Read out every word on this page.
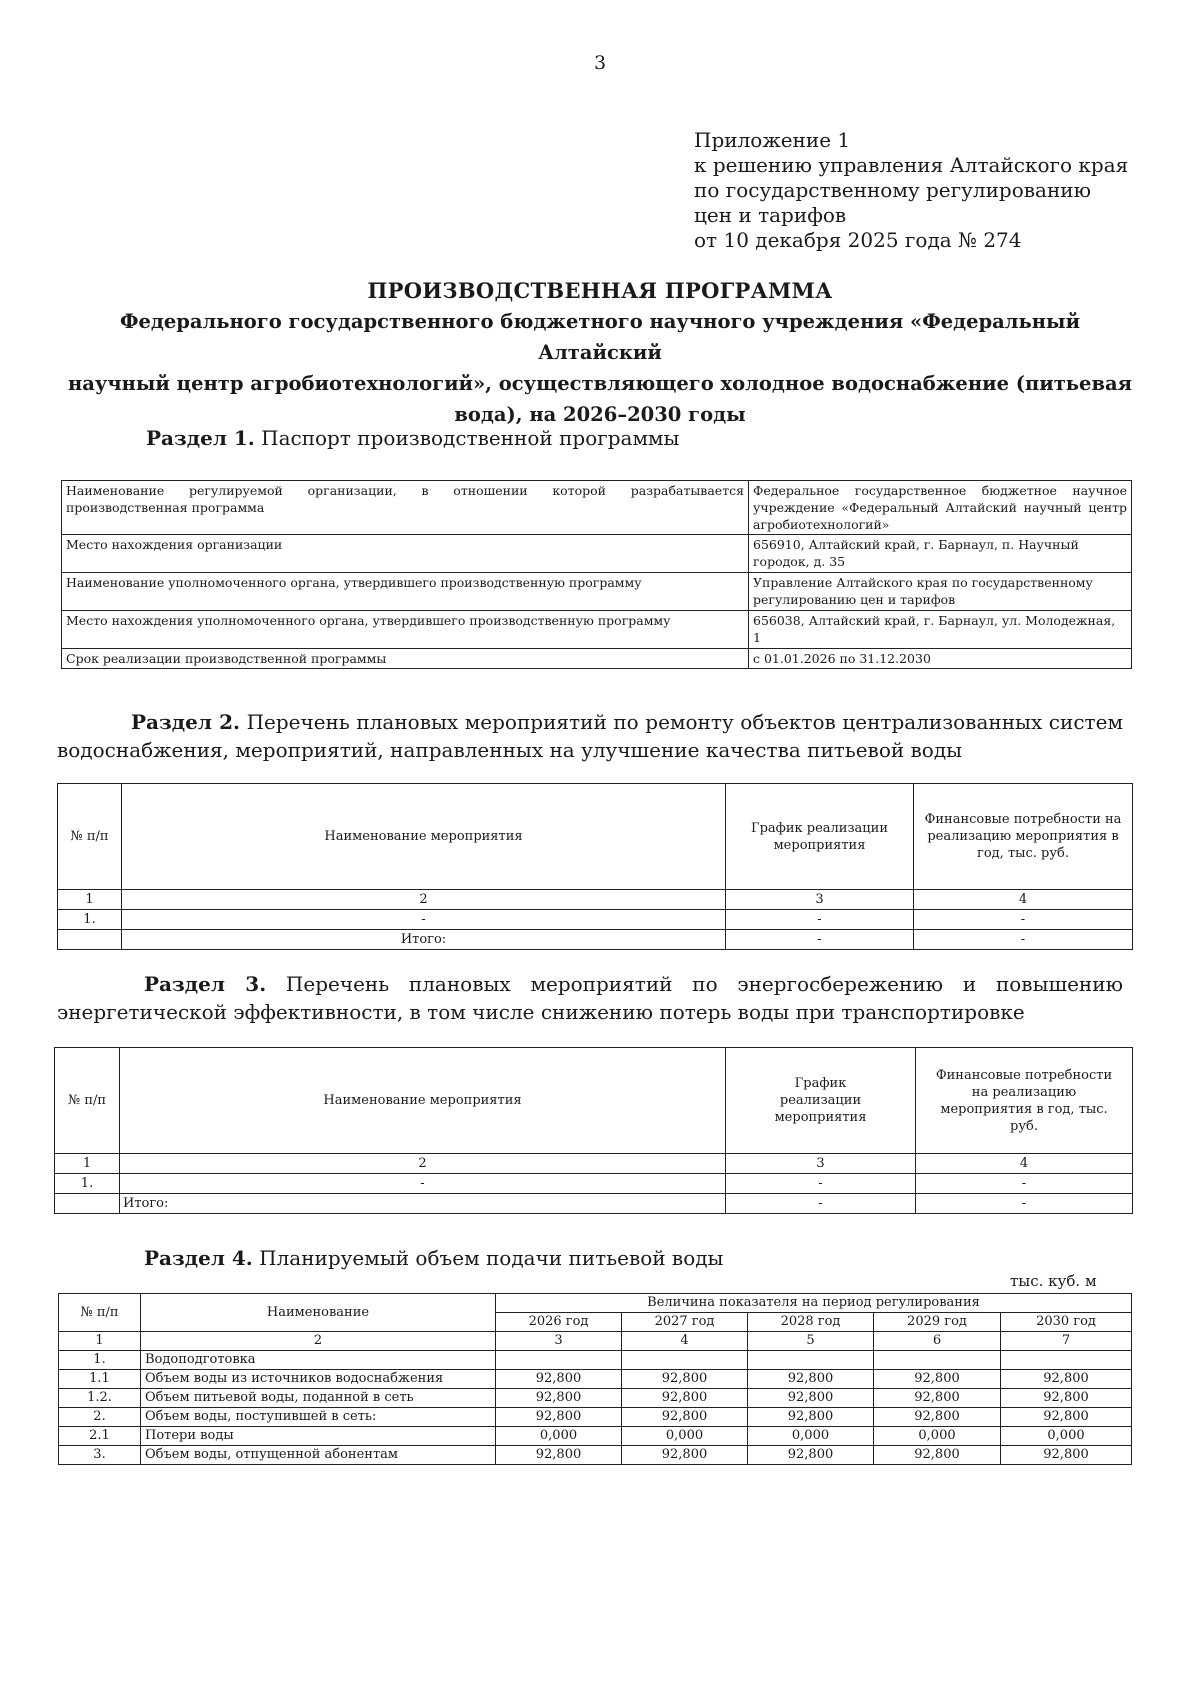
3
Приложение 1
к решению управления Алтайского края
по государственному регулированию
цен и тарифов
от 10 декабря 2025 года № 274
ПРОИЗВОДСТВЕННАЯ ПРОГРАММА
Федерального государственного бюджетного научного учреждения «Федеральный Алтайский
научный центр агробиотехнологий», осуществляющего холодное водоснабжение (питьевая
вода), на 2026–2030 годы
Раздел 1. Паспорт производственной программы
Наименование регулируемой организации, в отношении которой разрабатывается производственная программа	Федеральное государственное бюджетное научное учреждение «Федеральный Алтайский научный центр агробиотехнологий»
Место нахождения организации	656910, Алтайский край, г. Барнаул, п. Научный городок, д. 35
Наименование уполномоченного органа, утвердившего производственную программу	Управление Алтайского края по государственному регулированию цен и тарифов
Место нахождения уполномоченного органа, утвердившего производственную программу	656038, Алтайский край, г. Барнаул, ул. Молодежная, 1
Срок реализации производственной программы	с 01.01.2026 по 31.12.2030
Раздел 2. Перечень плановых мероприятий по ремонту объектов централизованных систем водоснабжения, мероприятий, направленных на улучшение качества питьевой воды
№ п/п	Наименование мероприятия	График реализации мероприятия	Финансовые потребности на реализацию мероприятия в год, тыс. руб.
1	2	3	4
1.	-	-	-
	Итого:	-	-
Раздел 3. Перечень плановых мероприятий по энергосбережению и повышению энергетической эффективности, в том числе снижению потерь воды при транспортировке
№ п/п	Наименование мероприятия	График реализации мероприятия	Финансовые потребности на реализацию мероприятия в год, тыс. руб.
1	2	3	4
1.	-	-	-
	Итого:	-	-
Раздел 4. Планируемый объем подачи питьевой воды
тыс. куб. м
№ п/п	Наименование	Величина показателя на период регулирования				
		2026 год	2027 год	2028 год	2029 год	2030 год
1	2	3	4	5	6	7
1.	Водоподготовка					
1.1	Объем воды из источников водоснабжения	92,800	92,800	92,800	92,800	92,800
1.2.	Объем питьевой воды, поданной в сеть	92,800	92,800	92,800	92,800	92,800
2.	Объем воды, поступившей в сеть:	92,800	92,800	92,800	92,800	92,800
2.1	Потери воды	0,000	0,000	0,000	0,000	0,000
3.	Объем воды, отпущенной абонентам	92,800	92,800	92,800	92,800	92,800
